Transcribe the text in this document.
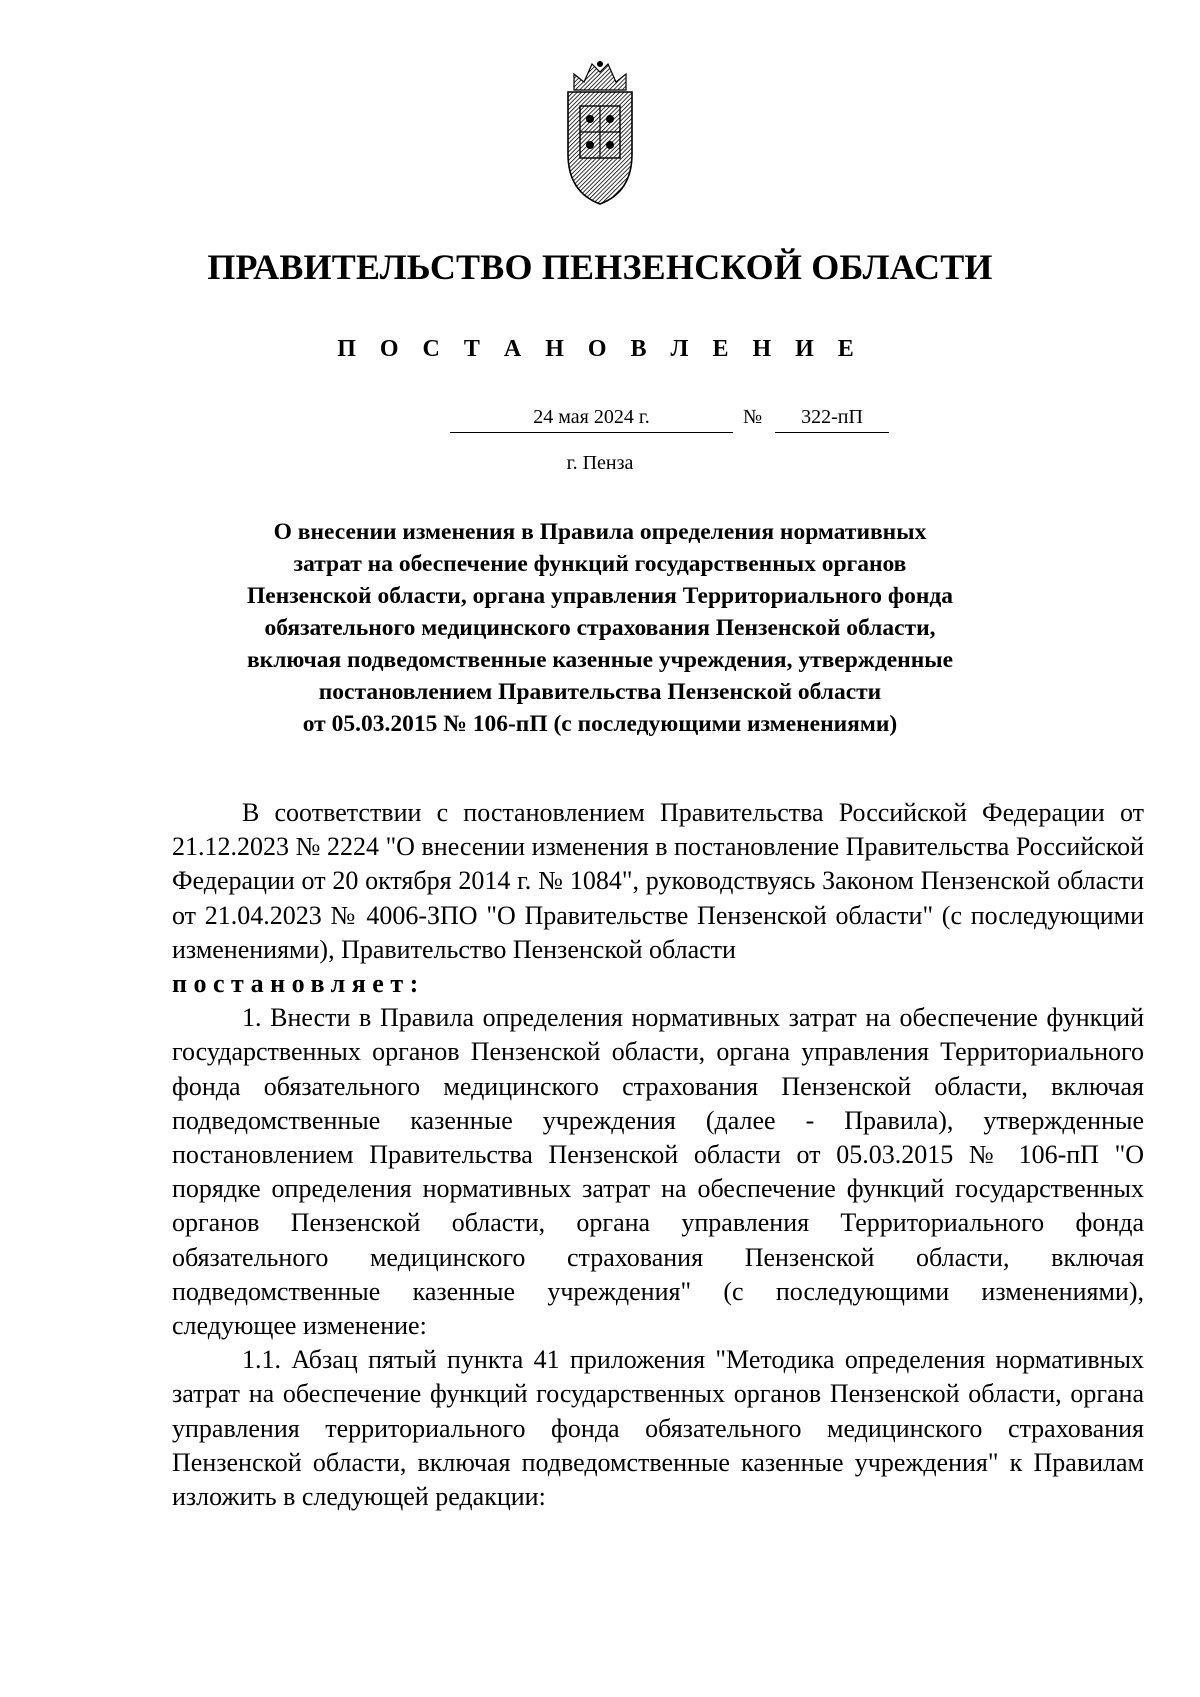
ПРАВИТЕЛЬСТВО ПЕНЗЕНСКОЙ ОБЛАСТИ
П О С Т А Н О В Л Е Н И Е
24 мая 2024 г.	№	322-пП
г. Пенза
О внесении изменения в Правила определения нормативных
затрат на обеспечение функций государственных органов
Пензенской области, органа управления Территориального фонда
обязательного медицинского страхования Пензенской области,
включая подведомственные казенные учреждения, утвержденные
постановлением Правительства Пензенской области
от 05.03.2015 № 106-пП (с последующими изменениями)

В соответствии с постановлением Правительства Российской Федерации от 21.12.2023 № 2224 "О внесении изменения в постановление Правительства Российской Федерации от 20 октября 2014 г. № 1084", руководствуясь Законом Пензенской области от 21.04.2023 № 4006-ЗПО "О Правительстве Пензенской области" (с последующими изменениями), Правительство Пензенской области

постановляет:

1. Внести в Правила определения нормативных затрат на обеспечение функций государственных органов Пензенской области, органа управления Территориального фонда обязательного медицинского страхования Пензенской области, включая подведомственные казенные учреждения (далее - Правила), утвержденные постановлением Правительства Пензенской области от 05.03.2015 № 106-пП "О порядке определения нормативных затрат на обеспечение функций государственных органов Пензенской области, органа управления Территориального фонда обязательного медицинского страхования Пензенской области, включая подведомственные казенные учреждения" (с последующими изменениями), следующее изменение:

1.1. Абзац пятый пункта 41 приложения "Методика определения нормативных затрат на обеспечение функций государственных органов Пензенской области, органа управления территориального фонда обязательного медицинского страхования Пензенской области, включая подведомственные казенные учреждения" к Правилам изложить в следующей редакции:
